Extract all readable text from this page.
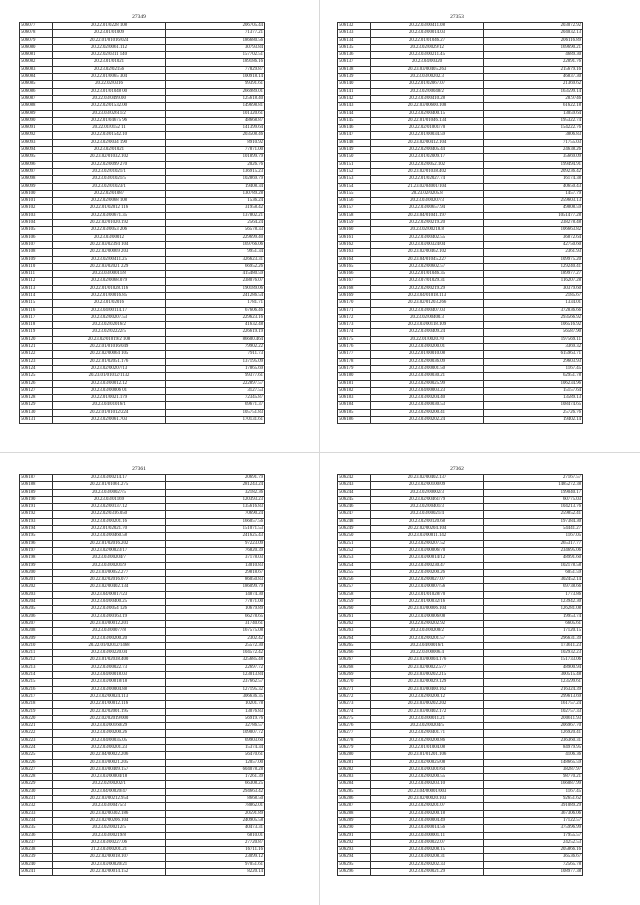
27349
506077	20.22.01/0228 108	206705.44
506078	20.23.01/01009	71377.21
506079	20.22.01/01016/024	186680.56
506080	20.22.02/0061.112	30793.84
506081	20.22.02/0311 140	157702.51
506082	20.23.01/01021	189186.16
506083	20.23.02/02156	77829.87
506084	20.22.01/0065 304	100918.14
506085	20.22.02/0316	99391.61
506086	20.23.01/01048 00	266989.01
506087	20.22.03/0499.00	125618.40
506088	20.22.02/01532.00	149698.81
506089	20.23.03/02611/2	101320.61
506090	20.22.01/04675 96	48668.87
506091	20.22.01/0152 11	141399.64
506092	20.22.03/01542.10	203508.46
506093	20.23.02/0034 190	8910.92
506094	20.23.02/01021	77871.00
506095	20.23.02/01032.102	101899.79
506096	20.22.02/0099 270	2026.76
506097	20.23.02/01021/1	136915.23
506098	20.23.03/01021/5	102869.79
506099	20.23.02/01023/1	19408.34
506100	20.22.02/01087	130789.28
506101	20.22.02/0068 108	1536.24
506102	20.22.01/02012 116	31958.42
506103	20.22.03/00671.35	137802.21
506104	20.22.02/01020.192	2564.24
506105	20.22.03/0053 206	56578.33
506106	20.23.03/00012	229699.40
506107	20.22.03/02394 104	169766.06
506108	20.22.02/00069 203	9951.34
506109	20.23.02/00411.25	326623.31
506110	20.22.03/02021 229	66952.26
506111	20.23.03/00011/8	415480.59
506112	20.23.02/0068.079	238076.07
506113	20.22.01/01028.116	190189.06
506114	20.22.01/00016.85	241286.54
506115	20.23.01/02016	1781.71
506116	20.23.04/00114.17	67606.46
506117	20.23.02/00207.53	229623.16
506118	20.23.02/02016/2	41632.48
506119	20.23.02/02222/5	226619.19
506120	20.23.02/01019/2 108	86600.464
506121	20.22.01/01016/049	79902.22
506122	20.22.02/00064 105	7911.73
506123	20.22.01/02051.176	137195.09
506124	20.23.02/00207/13	17865.69
506125	20.23.01/01012/1132	99377.61
506126	20.23.03/00012.12	222897.57
506127	20.23.03/00006 01	3127.53
506128	20.22.01/0021.179	72345.87
506129	20.23.04/01016/1	69671.37
506130	20.22.01/01012/224	105751.83
506131	20.23.02/0061.703	170131.61
27353
506132	20.22.03/00411.08	203072.92
506133	20.23.03/00014.03	204032.13
506134	20.22.01/01046.27	206116.89
506135	20.23.02/0029/12	169690.21
506136	20.23.03/00211.45	4689.30
506137	20.23.04/00320	22891.76
506138	20.23.03/00405.263	215679.16
506139	20.23.03/00202.3	46837.30
506140	20.22.01/02067.07	21369.62
506141	20.23.02/00048/2	163599.14
506142	20.23.03/00410.28	28.9746
506143	20.22.03/00600.108	61622.18
506144	20.23.02/00400.15	13059.64
506145	20.22.01/01046.134	195322.74
506146	20.22.02/01001/70	154222.76
506147	20.22.01/00034.59	3806.83
506148	20.23.02/00412.104	71755.03
506149	20.22.02/00405.44	24638.26
506150	20.23.01/02009.17	35669.09
506151	20.22.02/0052.102	199494.91
506152	20.23.02/01038.402	209236.42
506153	20.22.01/02027.74	16174.38
506154	21.23.02/04001/104	40650.43
506155	20.23.02/0205.8	1457.79
506156	20.23.03/00207/3	259603.13
506157	20.22.03/00657.94	49808.59
506158	20.23.04/01041.197	1051477.28
506159	20.22.02/00219.20	238278.48
506160	20.23.02/00218.8	106663.82
506161	20.22.03/00402.55	36872.64
506162	20.23.03/00324/04	42750.60
506163	20.23.02/00462.102	2361.93
506164	20.23.04/01045.227	109975.20
506165	20.23.02/00602.57	129240.41
506166	20.22.01/01046.35	189977.27
506167	20.23.07/01029.31	116207.28
506168	20.22.02/00219.29	30379.60
506169	20.23.04/01018.113	2185.67
506170	20.23.02/01203.266	1334.01
506171	20.23.03/00407.03	372836.66
506172	20.23.02/00400.3	293566.92
506173	20.23.03/00118.109	106516.92
506174	20.22.03/00409.24	56587.90
506175	20.22.01/0020.70	197569.11
506176	20.23.03/00200.01	3369.32
506177	20.22.01/00010.08	615963.71
506178	20.23.02/00036.09	29603.93
506179	20.23.03/00001.50	1167.45
506180	20.23.03/00030.21	62951.78
506181	20.23.02/00025.99	106234.96
506182	20.23.04/00003.23	15157.64
506183	20.23.03/00204.40	13589.13
506184	20.23.03/00030.53	108474.65
506185	20.23.02/00200.41	25726.76
506186	20.23.03/00202.24	19402.14
27361
506187	20.23.03/00214.17	20691.79
506188	20.22.01/01061.275	281243.24
506189	20.23.03/00027/5	32182.36
506190	20.23.03/01169	120393.23
506191	20.23.02/00137.12	135616.83
506192	20.22.02/0316.050	70690.24
506193	20.23.03/00201.16	166057.56
506194	20.22.01/02021.70	151071.53
506195	20.23.03/00460.58	241625.43
506196	20.22.01/02016.202	97223.09
506197	20.23.02/00023/17	76820.39
506198	20.23.03/00204/7	37178.03
506199	20.23.03/00201/9	13010.83
506200	20.23.03/00052.277	29818.67
506201	20.22.02/02016.077	86050.83
506202	20.23.02/00402.134	186099.79
506203	20.23.04/00017/23	14874.30
506204	20.23.04/00400.25	77871.00
506205	20.22.03/0054 126	10679.89
506206	20.23.03/00163.19	66278.65
506207	20.23.03/00012.201	31740.61
506208	20.23.03/00077/8	167575.08
506209	20.23.03/00200.20	2302.42
506210	20.22.01/02012/1468	25572.30
506211	20.23.03/00220.04	104572.42
506212	20.23.01/02038.400	325685.48
506213	20.22.03/00022.73	22697.72
506214	20.23.04/00018.03	123013.84
506215	20.23.03/00018/18	237662.57
506216	20.23.03/00004.88	127195.32
506217	20.23.02/00024.113	306636.35
506218	20.22.01/00012.116	10201.78
506219	20.22.02/02001.195	13076.83
506220	20.22.02/02019/000	56919.76
506221	20.23.03/00160/29	32786.57
506222	20.23.03/00200.26	109007.72
506223	20.23.04/00035.05	69903.60
506224	20.22.03/00201.23	15374.34
506225	20.22.04/00022.206	56470.61
506226	20.23.03/00021.205	12057.00
506227	20.23.03/00409.157	604078.28
506228	20.23.03/00004/18	17261.39
506229	20.22.02/00202/1	66308.25
506230	20.23.04/00020/47	294663.42
506231	20.22.03/00212.954	8668.50
506232	20.23.03/00475/3	78862.01
506233	20.23.02/00302.186	20591.89
506234	20.23.02/00206.104	240905.58
506235	20.23.02/00212/5	40473.31
506236	20.23.03/00219/8	6810.01
506237	20.23.03/00227.06	27720.87
506238	21.23.03/00201.21	16711.16
506239	20.22.02/00018.107	23099.12
506240	20.23.03/00020/21	97051.61
506241	20.22.02/00014.152	8220.14
27362
506242	20.23.02/00402.137	27167.57
506243	20.23.02/00100/09	1485272.38
506244	20.23.02/00002/3	199040.17
506245	20.23.02/00461/79	60775.03
506246	20.23.02/00401/3	104213.76
506247	20.23.03/00021/4	259852.41
506248	20.23.02/00120.68	197384.30
506249	20.22.02/00204.104	54441.27
506250	20.23.03/00011.142	1167.05
506251	20.23.02/00207.52	265317.77
506252	20.23.03/00006/70	234695.06
506253	20.23.03/00014/12	48991.60
506254	20.23.03/00230.47	102178.58
506255	20.22.03/00200.26	6051.59
506256	20.22.02/00027.07	302452.14
506257	20.23.03/00007/56	69738.66
506258	20.23.01/01028/70	1773.86
506259	20.22.01/00032/16	123942.30
506260	20.23.03/00006.104	126281.08
506261	20.23.03/00006/08	19953.74
506262	20.22.02/00202.92	6605.61
506263	20.23.03/00200/2	17120.15
506264	20.23.02/00201.57	296631.39
506265	20.23.04/00016/1	173611.23
506266	20.22.03/00006.4	102932.23
506267	20.23.03/00004.176	151733.06
506268	20.23.02/00022.577	48900.94
506269	20.23.03/00202.215	300515.48
506270	20.23.02/00029.129	123599.61
506271	20.23.03/00400.162	216324.39
506272	20.23.02/00200.12	299613.69
506273	20.23.03/00202.202	161757.24
506274	20.23.03/00402.172	102757.33
506275	20.23.03/00011.21	200611.93
506276	20.23.02/00204/5	206967.70
506277	20.23.02/00401.71	126920.41
506278	20.23.02/00200.86	236360.31
506279	20.22.01/01004.08	84979.95
506280	20.23.01/01201.106	4106.36
506281	20.23.02/00025/08	148665.59
506282	20.23.03/00301/64	38287.97
506283	20.23.02/00200.55	98770.21
506284	20.23.03/00203.10	166087.99
506285	20.23.04/00001/003	1167.45
506286	20.23.02/00020.103	92651.62
506287	20.23.02/00201.07	391089.29
506288	20.23.03/00200.18	367306.06
506289	20.23.03/00004.49	17122.57
506290	20.23.03/00014.56	375996.99
506291	20.23.03/00001.11	17955.57
506292	20.23.03/00022.07	24252.53
506293	20.23.03/00208.15	205866.16
506294	20.23.03/00208.31	36536.67
506295	20.22.02/00202.33	72565.78
506296	20.23.02/00021.29	108977.38
